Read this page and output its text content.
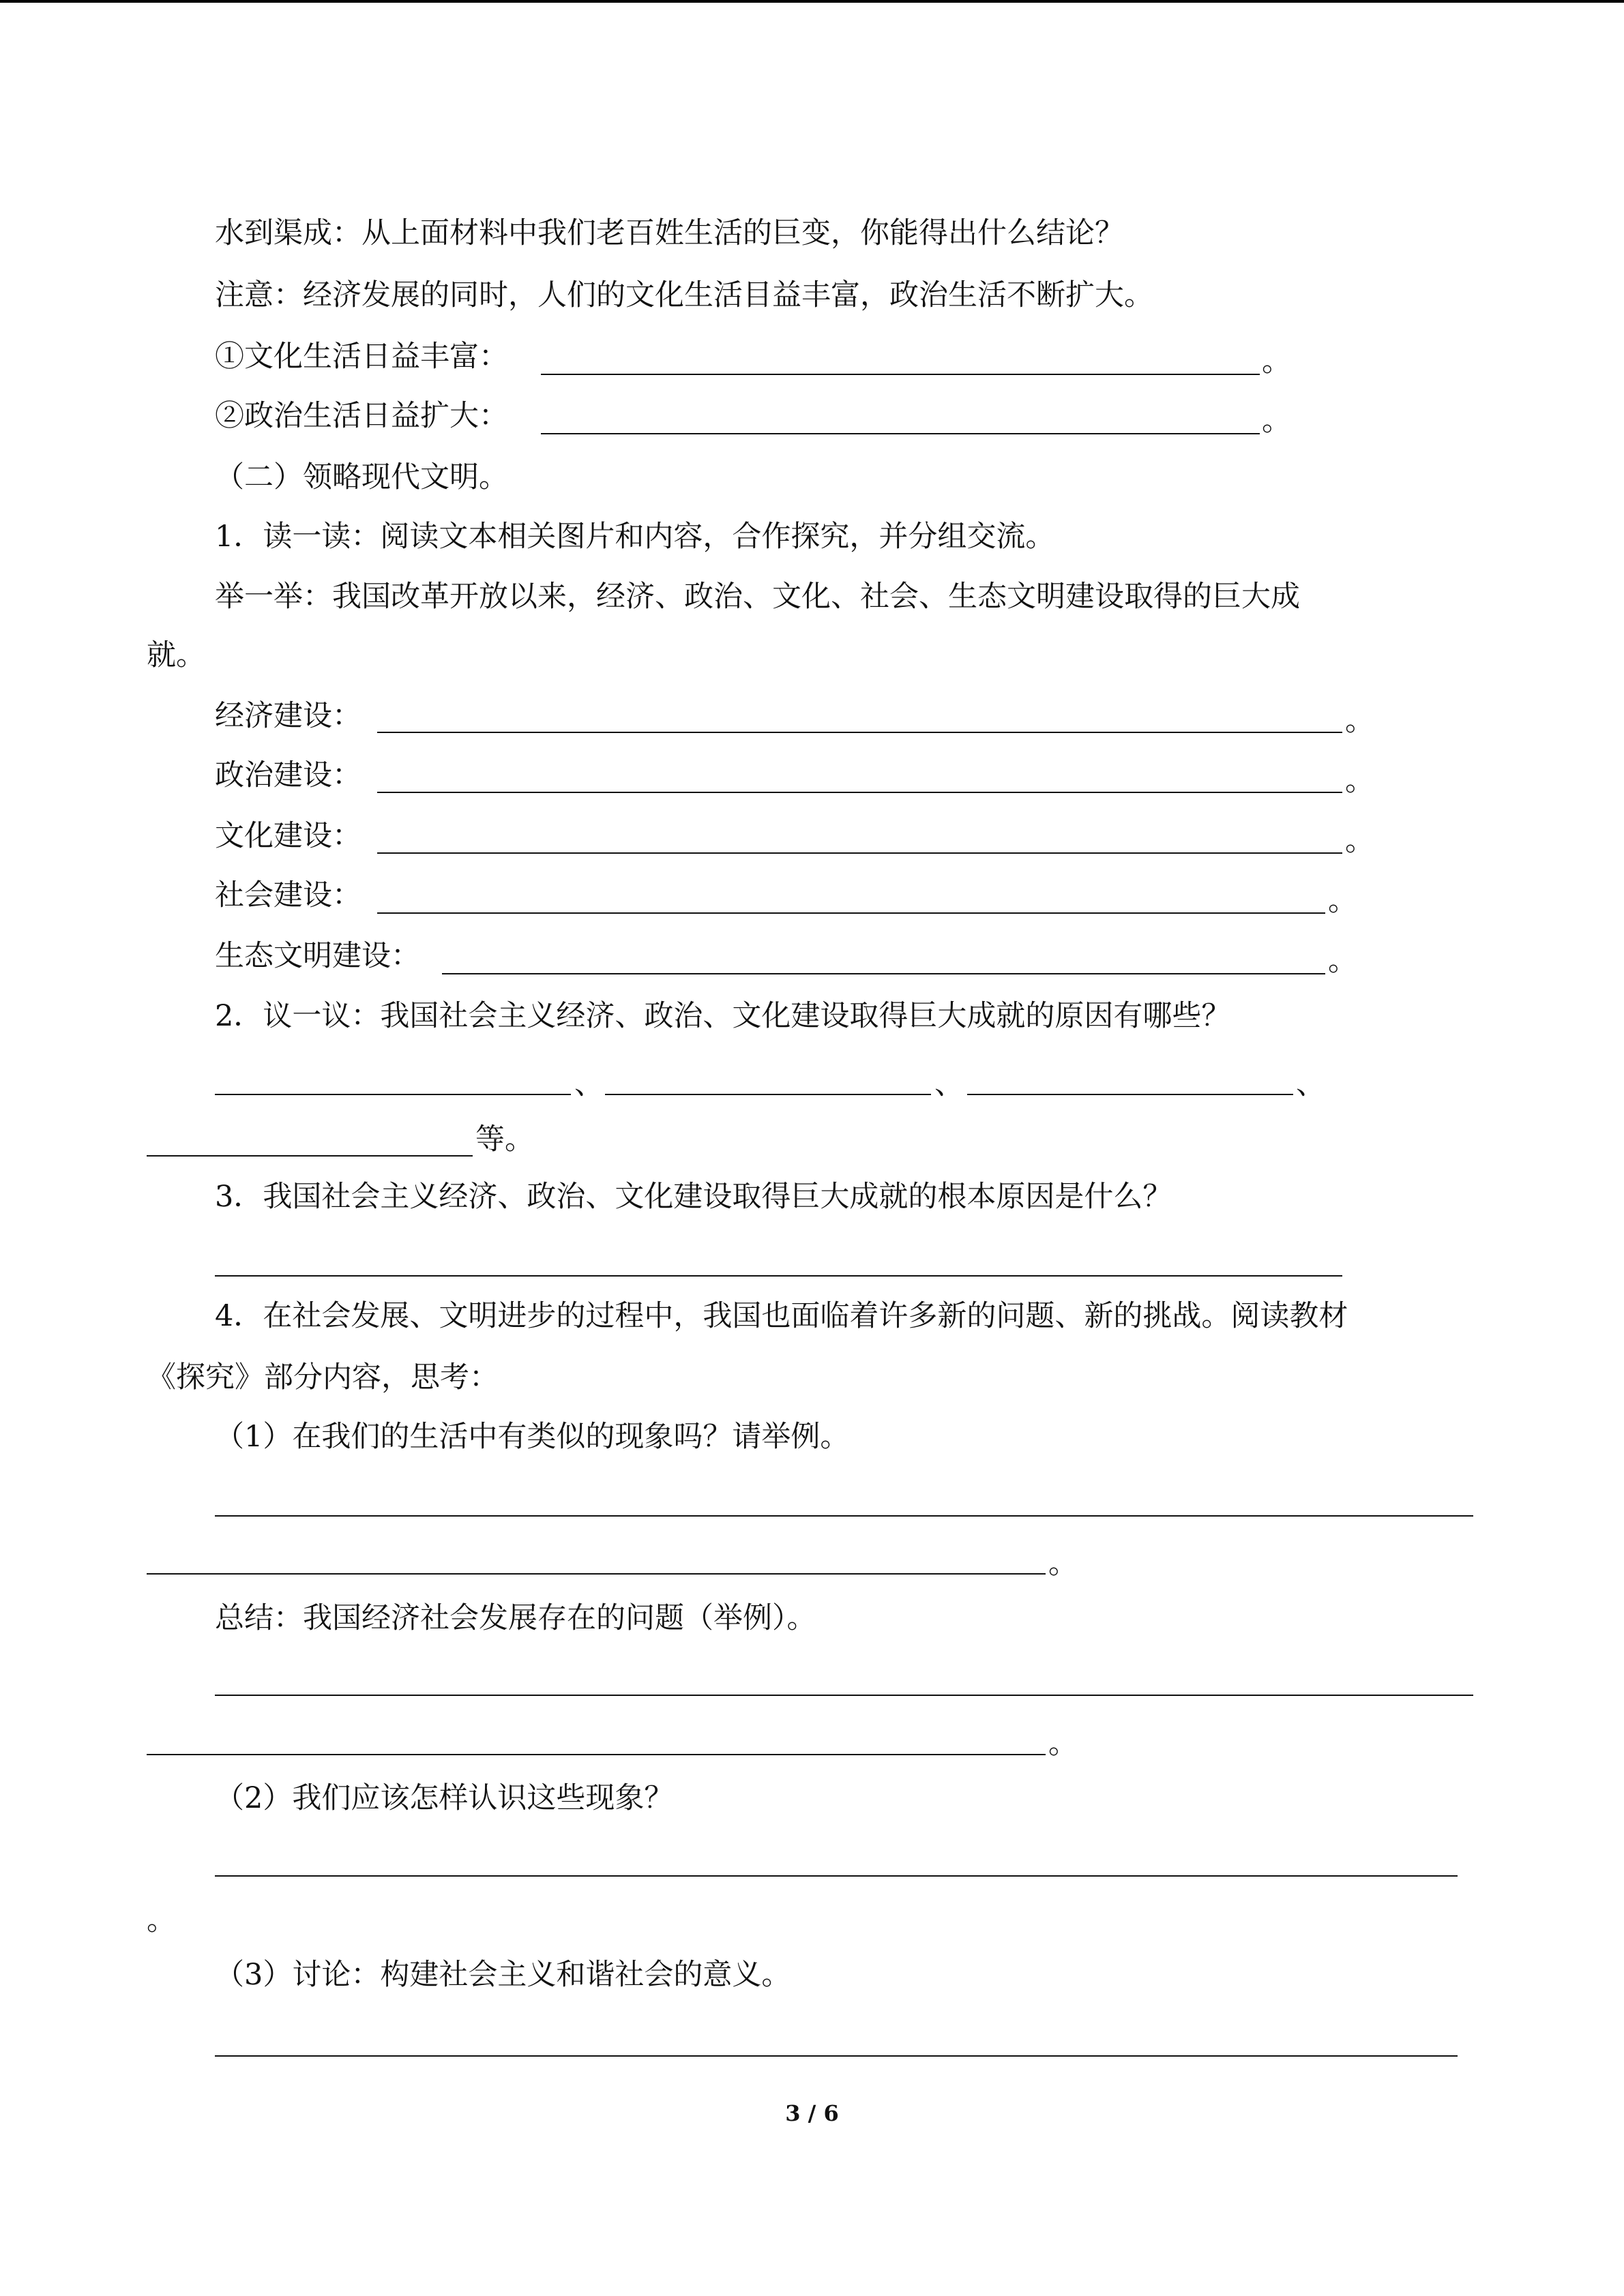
水到渠成：从上面材料中我们老百姓生活的巨变，你能得出什么结论？
注意：经济发展的同时，人们的文化生活目益丰富，政治生活不断扩大。
①文化生活日益丰富：	。
②政治生活日益扩大：	。
（二）领略现代文明。
1．读一读：阅读文本相关图片和内容，合作探究，并分组交流。
举一举：我国改革开放以来，经济、政治、文化、社会、生态文明建设取得的巨大成
就。
经济建设：	。
政治建设：	。
文化建设：	。
社会建设：	。
生态文明建设：	。
2．议一议：我国社会主义经济、政治、文化建设取得巨大成就的原因有哪些？
、	、	、
等。
3．我国社会主义经济、政治、文化建设取得巨大成就的根本原因是什么？
4．在社会发展、文明进步的过程中，我国也面临着许多新的问题、新的挑战。阅读教材
《探究》部分内容，思考：
（1）在我们的生活中有类似的现象吗？请举例。
。
总结：我国经济社会发展存在的问题（举例）。
。
（2）我们应该怎样认识这些现象？
。
（3）讨论：构建社会主义和谐社会的意义。
3 / 6
